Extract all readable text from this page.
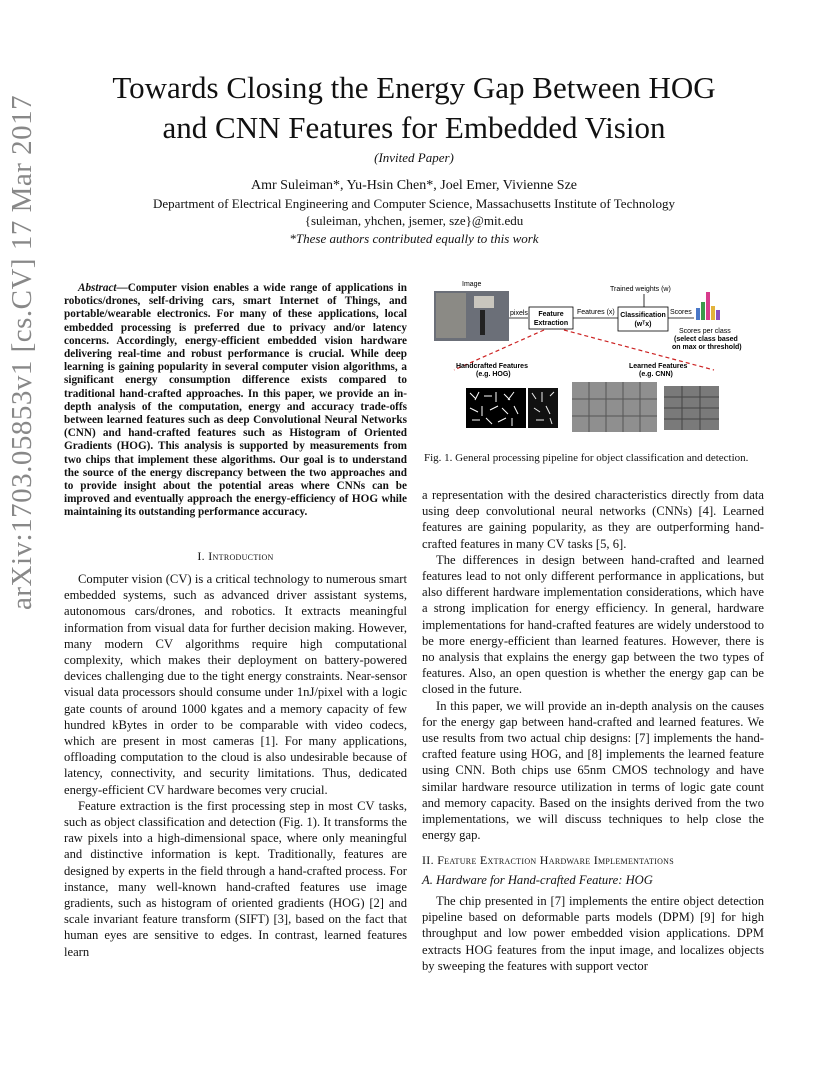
Towards Closing the Energy Gap Between HOG
and CNN Features for Embedded Vision
(Invited Paper)
Amr Suleiman*, Yu-Hsin Chen*, Joel Emer, Vivienne Sze
Department of Electrical Engineering and Computer Science, Massachusetts Institute of Technology
{suleiman, yhchen, jsemer, sze}@mit.edu
*These authors contributed equally to this work
arXiv:1703.05853v1 [cs.CV] 17 Mar 2017	Abstract—Computer vision enables a wide range of applications in robotics/drones, self-driving cars, smart Internet of Things, and portable/wearable electronics. For many of these applications, local embedded processing is preferred due to privacy and/or latency concerns. Accordingly, energy-efficient embedded vision hardware delivering real-time and robust performance is crucial. While deep learning is gaining popularity in several computer vision algorithms, a significant energy consumption difference exists compared to traditional hand-crafted approaches. In this paper, we provide an in-depth analysis of the computation, energy and accuracy trade-offs between learned features such as deep Convolutional Neural Networks (CNN) and hand-crafted features such as Histogram of Oriented Gradients (HOG). This analysis is supported by measurements from two chips that implement these algorithms. Our goal is to understand the source of the energy discrepancy between the two approaches and to provide insight about the potential areas where CNNs can be improved and eventually approach the energy-efficiency of HOG while maintaining its outstanding performance accuracy.
I. Introduction

Computer vision (CV) is a critical technology to numerous smart embedded systems, such as advanced driver assistant systems, autonomous cars/drones, and robotics. It extracts meaningful information from visual data for further decision making. However, many modern CV algorithms require high computational complexity, which makes their deployment on battery-powered devices challenging due to the tight energy constraints. Near-sensor visual data processors should consume under 1nJ/pixel with a logic gate counts of around 1000 kgates and a memory capacity of few hundred kBytes in order to be comparable with video codecs, which are present in most cameras [1]. For many applications, offloading computation to the cloud is also undesirable because of latency, connectivity, and security limitations. Thus, dedicated energy-efficient CV hardware becomes very crucial.

Feature extraction is the first processing step in most CV tasks, such as object classification and detection (Fig. 1). It transforms the raw pixels into a high-dimensional space, where only meaningful and distinctive information is kept. Traditionally, features are designed by experts in the field through a hand-crafted process. For instance, many well-known hand-crafted features use image gradients, such as histogram of oriented gradients (HOG) [2] and scale invariant feature transform (SIFT) [3], based on the fact that human eyes are sensitive to edges. In contrast, learned features learn

Image
pixels Feature
Extraction
Features (x)
Trained weights (w)
Classification
(wᵀx)
Scores
Scores per class
(select class based
on max or threshold)
Handcrafted Features
(e.g. HOG)
Learned Features
(e.g. CNN)
Fig. 1. General processing pipeline for object classification and detection.

a representation with the desired characteristics directly from data using deep convolutional neural networks (CNNs) [4]. Learned features are gaining popularity, as they are outperforming hand-crafted features in many CV tasks [5, 6].

The differences in design between hand-crafted and learned features lead to not only different performance in applications, but also different hardware implementation considerations, which have a strong implication for energy efficiency. In general, hardware implementations for hand-crafted features are widely understood to be more energy-efficient than learned features. However, there is no analysis that explains the energy gap between the two types of features. Also, an open question is whether the energy gap can be closed in the future.

In this paper, we will provide an in-depth analysis on the causes for the energy gap between hand-crafted and learned features. We use results from two actual chip designs: [7] implements the hand-crafted feature using HOG, and [8] implements the learned feature using CNN. Both chips use 65nm CMOS technology and have similar hardware resource utilization in terms of logic gate count and memory capacity. Based on the insights derived from the two implementations, we will discuss techniques to help close the energy gap.

II. Feature Extraction Hardware Implementations
A. Hardware for Hand-crafted Feature: HOG

The chip presented in [7] implements the entire object detection pipeline based on deformable parts models (DPM) [9] for high throughput and low power embedded vision applications. DPM extracts HOG features from the input image, and localizes objects by sweeping the features with support vector
